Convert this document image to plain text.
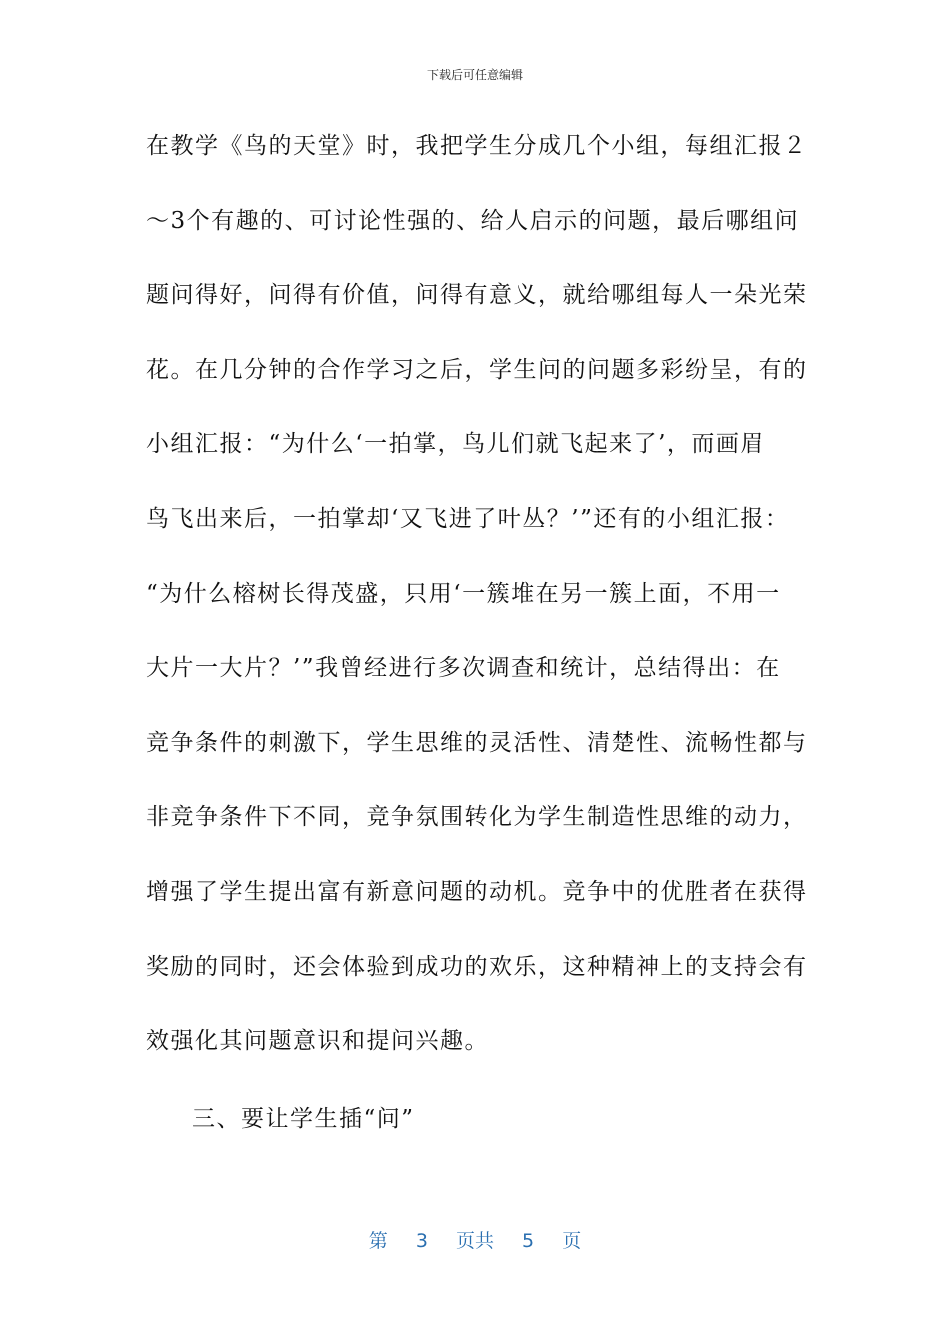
下载后可任意编辑
在教学《鸟的天堂》时，我把学生分成几个小组，每组汇报２
～3个有趣的、可讨论性强的、给人启示的问题，最后哪组问
题问得好，问得有价值，问得有意义，就给哪组每人一朵光荣
花。在几分钟的合作学习之后，学生问的问题多彩纷呈，有的
小组汇报：“为什么‘一拍掌，鸟儿们就飞起来了’，而画眉
鸟飞出来后，一拍掌却‘又飞进了叶丛？’”还有的小组汇报：
“为什么榕树长得茂盛，只用‘一簇堆在另一簇上面，不用一
大片一大片？’”我曾经进行多次调查和统计，总结得出：在
竞争条件的刺激下，学生思维的灵活性、清楚性、流畅性都与
非竞争条件下不同，竞争氛围转化为学生制造性思维的动力，
增强了学生提出富有新意问题的动机。竞争中的优胜者在获得
奖励的同时，还会体验到成功的欢乐，这种精神上的支持会有
效强化其问题意识和提问兴趣。
三、要让学生插“问”
第 3 页共 5 页
